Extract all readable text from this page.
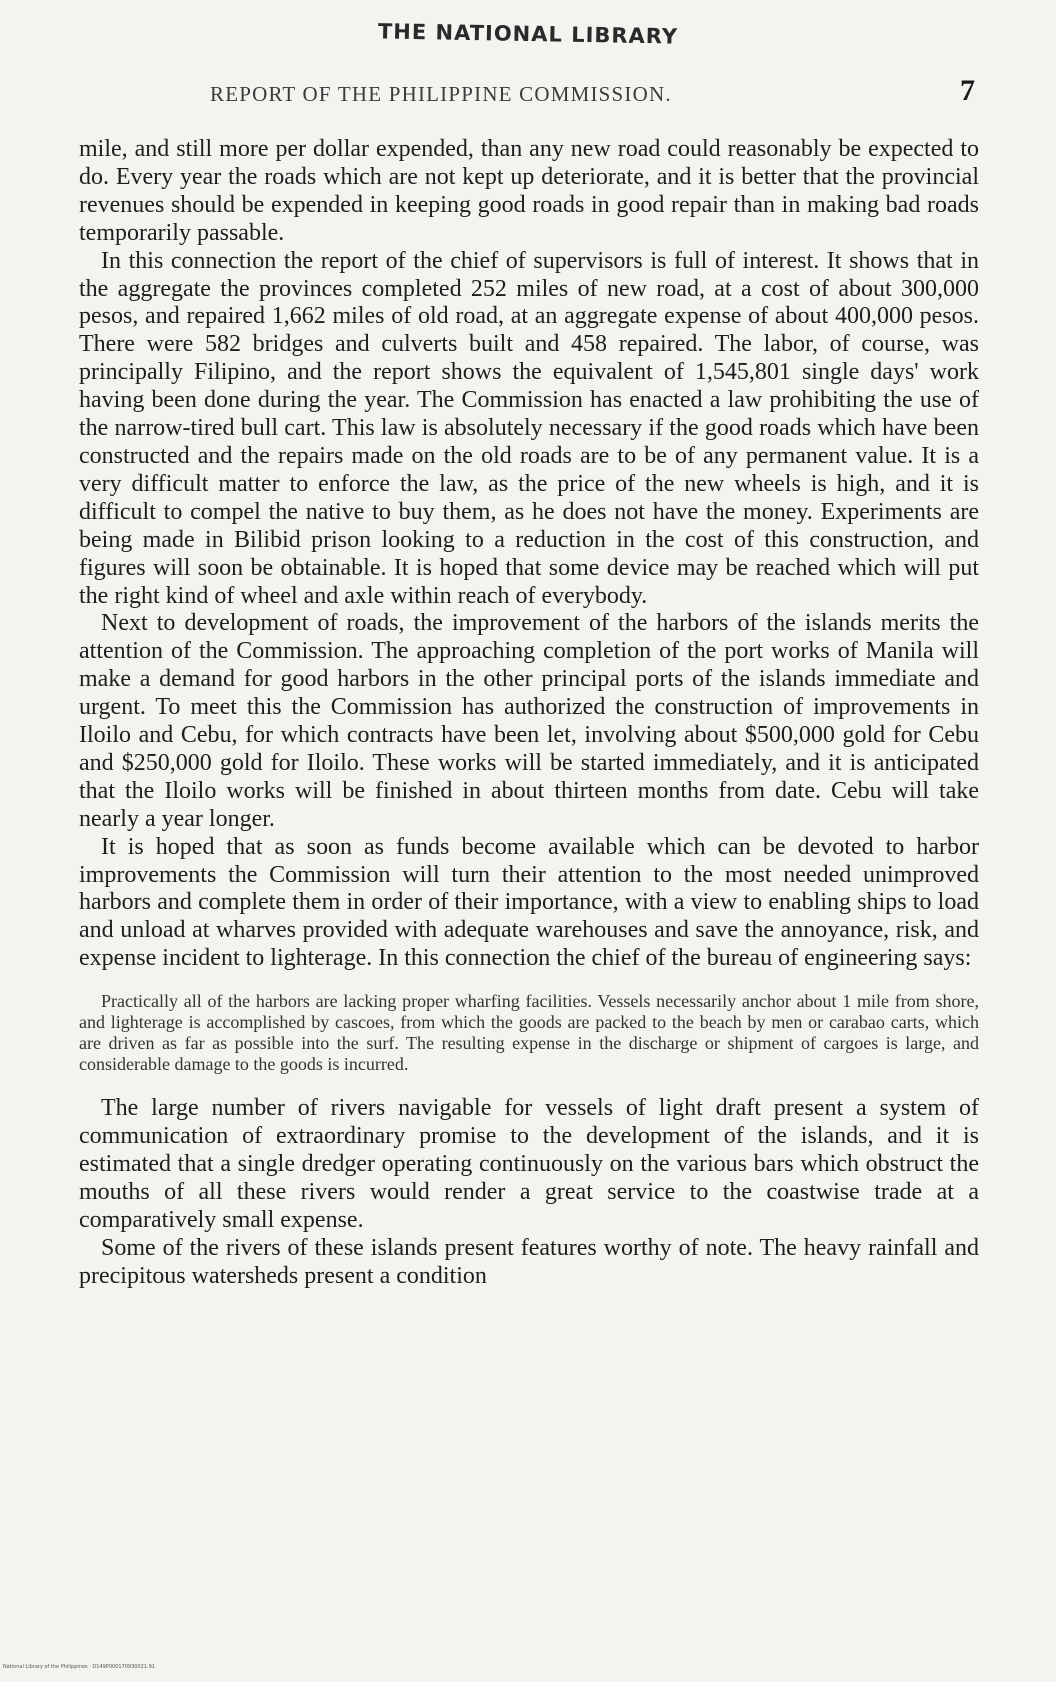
THE NATIONAL LIBRARY
REPORT OF THE PHILIPPINE COMMISSION.	7

mile, and still more per dollar expended, than any new road could reasonably be expected to do. Every year the roads which are not kept up deteriorate, and it is better that the provincial revenues should be expended in keeping good roads in good repair than in making bad roads temporarily passable.

In this connection the report of the chief of supervisors is full of interest. It shows that in the aggregate the provinces completed 252 miles of new road, at a cost of about 300,000 pesos, and repaired 1,662 miles of old road, at an aggregate expense of about 400,000 pesos. There were 582 bridges and culverts built and 458 repaired. The labor, of course, was principally Filipino, and the report shows the equivalent of 1,545,801 single days' work having been done during the year. The Commission has enacted a law prohibiting the use of the narrow-tired bull cart. This law is absolutely necessary if the good roads which have been constructed and the repairs made on the old roads are to be of any permanent value. It is a very difficult matter to enforce the law, as the price of the new wheels is high, and it is difficult to compel the native to buy them, as he does not have the money. Experiments are being made in Bilibid prison looking to a reduction in the cost of this construction, and figures will soon be obtainable. It is hoped that some device may be reached which will put the right kind of wheel and axle within reach of everybody.

Next to development of roads, the improvement of the harbors of the islands merits the attention of the Commission. The approaching completion of the port works of Manila will make a demand for good harbors in the other principal ports of the islands immediate and urgent. To meet this the Commission has authorized the construction of improvements in Iloilo and Cebu, for which contracts have been let, involving about $500,000 gold for Cebu and $250,000 gold for Iloilo. These works will be started immediately, and it is anticipated that the Iloilo works will be finished in about thirteen months from date. Cebu will take nearly a year longer.

It is hoped that as soon as funds become available which can be devoted to harbor improvements the Commission will turn their attention to the most needed unimproved harbors and complete them in order of their importance, with a view to enabling ships to load and unload at wharves provided with adequate warehouses and save the annoyance, risk, and expense incident to lighterage. In this connection the chief of the bureau of engineering says:

Practically all of the harbors are lacking proper wharfing facilities. Vessels necessarily anchor about 1 mile from shore, and lighterage is accomplished by cascoes, from which the goods are packed to the beach by men or carabao carts, which are driven as far as possible into the surf. The resulting expense in the discharge or shipment of cargoes is large, and considerable damage to the goods is incurred.

The large number of rivers navigable for vessels of light draft present a system of communication of extraordinary promise to the development of the islands, and it is estimated that a single dredger operating continuously on the various bars which obstruct the mouths of all these rivers would render a great service to the coastwise trade at a comparatively small expense.

Some of the rivers of these islands present features worthy of note. The heavy rainfall and precipitous watersheds present a condition

National Library of the Philippines · D149P000170930021.91
